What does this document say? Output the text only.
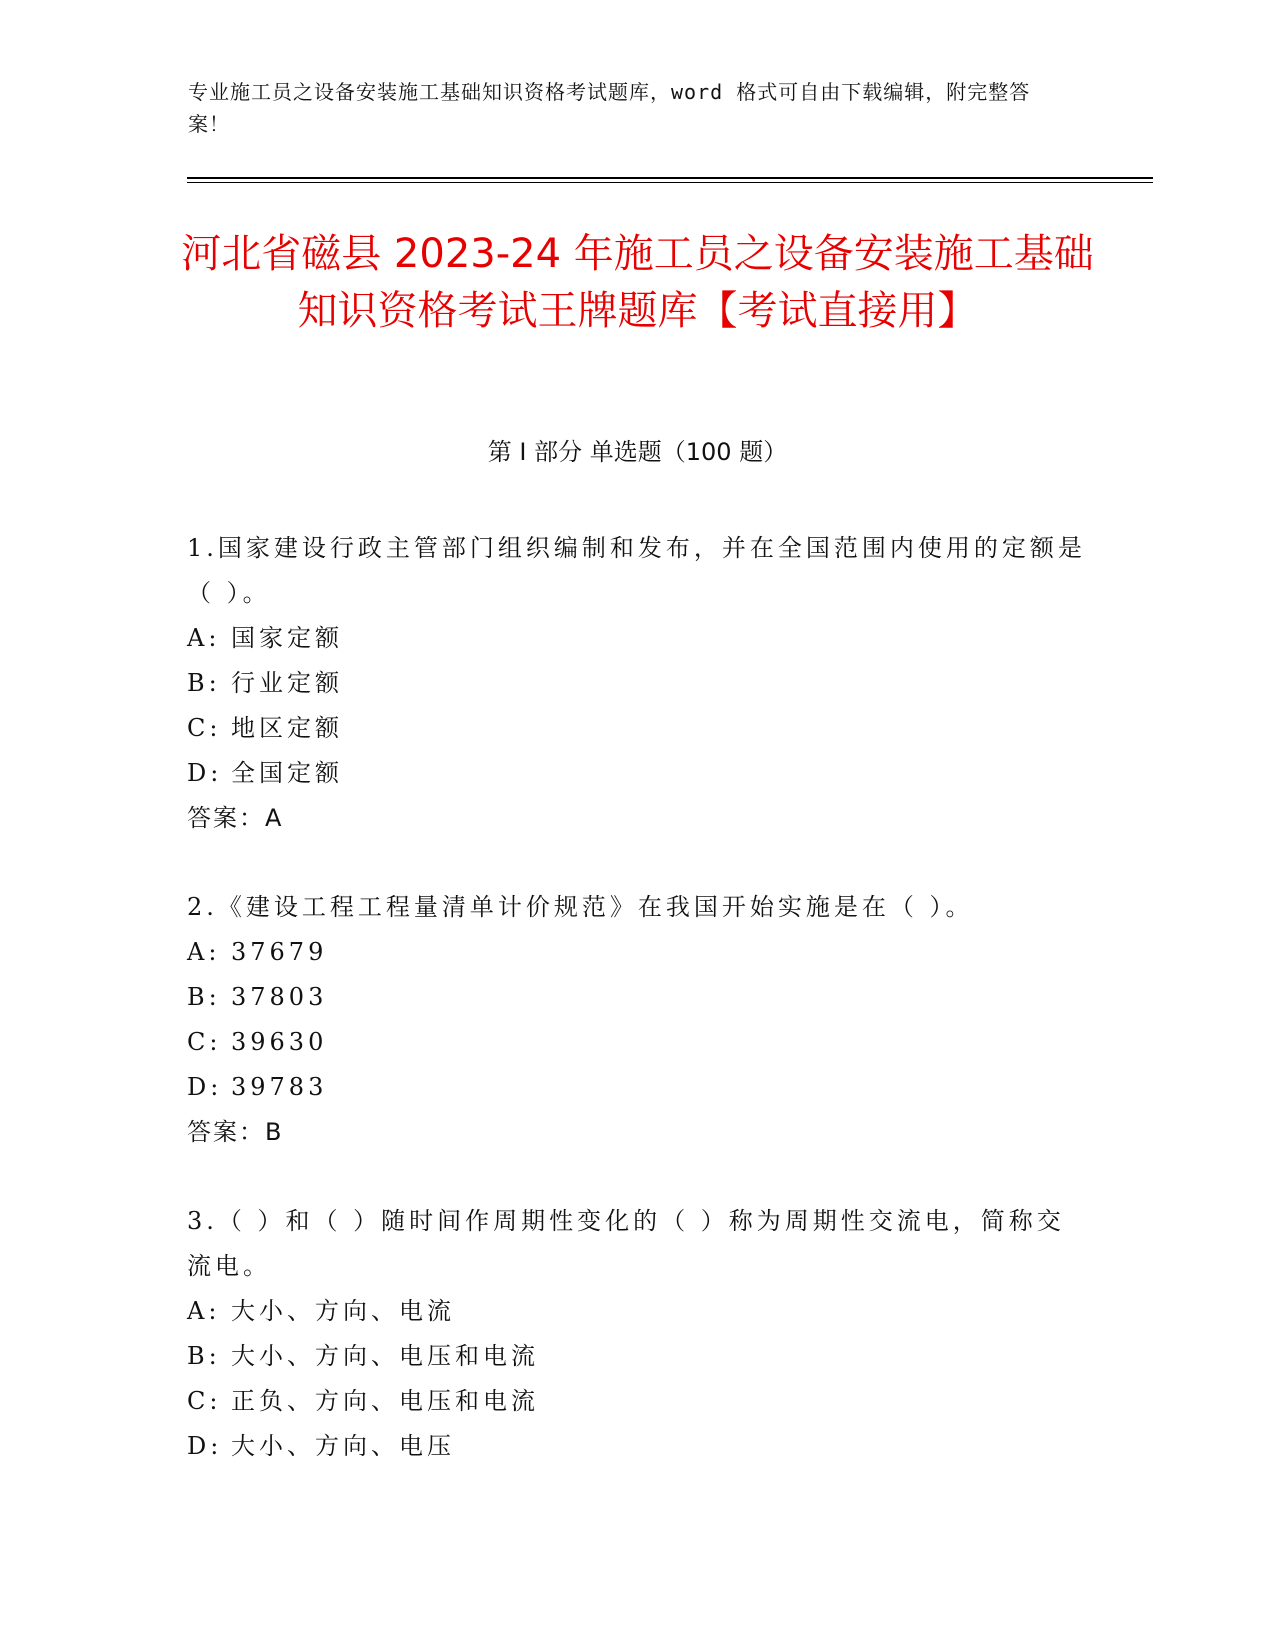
专业施工员之设备安装施工基础知识资格考试题库，word 格式可自由下载编辑，附完整答案！
河北省磁县 2023-24 年施工员之设备安装施工基础知识资格考试王牌题库【考试直接用】
第 I 部分 单选题（100 题）

1.国家建设行政主管部门组织编制和发布，并在全国范围内使用的定额是（ ）。

A: 国家定额
B: 行业定额
C: 地区定额
D: 全国定额

答案：A

2.《建设工程工程量清单计价规范》在我国开始实施是在（ ）。

A: 37679
B: 37803
C: 39630
D: 39783

答案：B

3.（ ）和（ ）随时间作周期性变化的（ ）称为周期性交流电，简称交流电。

A: 大小、方向、电流
B: 大小、方向、电压和电流
C: 正负、方向、电压和电流
D: 大小、方向、电压
